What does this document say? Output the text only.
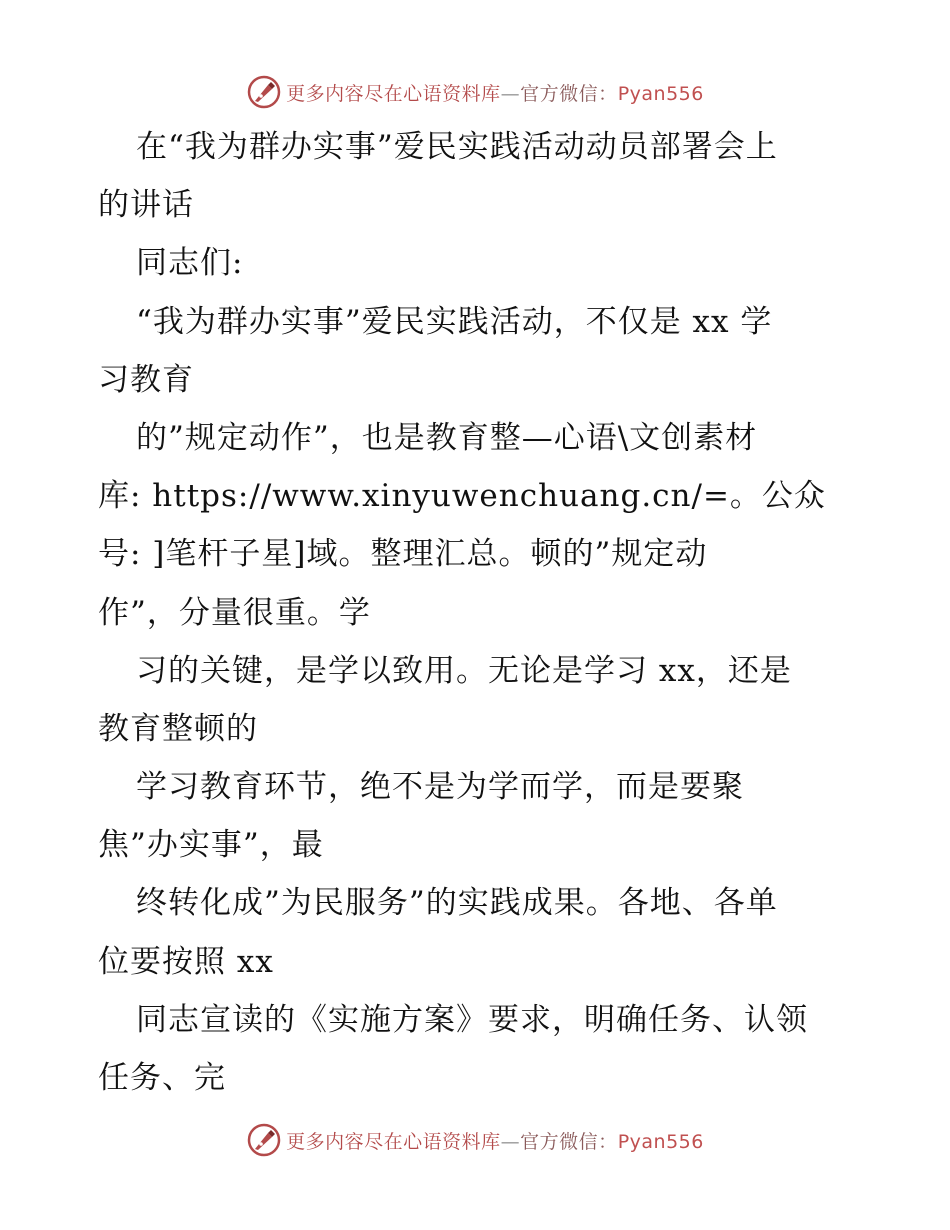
更多内容尽在心语资料库—官方微信：Pyan556
在“我为群办实事”爱民实践活动动员部署会上
的讲话
同志们:
“我为群办实事”爱民实践活动，不仅是 xx 学
习教育
的”规定动作”，也是教育整—心语\文创素材
库: https://www.xinyuwenchuang.cn/=。公众
号: ]笔杆子星]域。整理汇总。顿的”规定动
作”，分量很重。学
习的关键，是学以致用。无论是学习 xx，还是
教育整顿的
学习教育环节，绝不是为学而学，而是要聚
焦”办实事”，最
终转化成”为民服务”的实践成果。各地、各单
位要按照 xx
同志宣读的《实施方案》要求，明确任务、认领
任务、完
更多内容尽在心语资料库—官方微信：Pyan556
